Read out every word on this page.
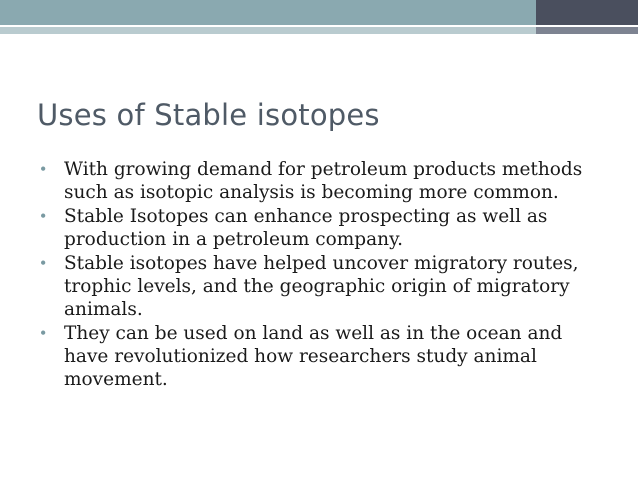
Uses of Stable isotopes
• With growing demand for petroleum products methods such as isotopic analysis is becoming more common.
• Stable Isotopes can enhance prospecting as well as production in a petroleum company.
• Stable isotopes have helped uncover migratory routes, trophic levels, and the geographic origin of migratory animals.
• They can be used on land as well as in the ocean and have revolutionized how researchers study animal movement.
